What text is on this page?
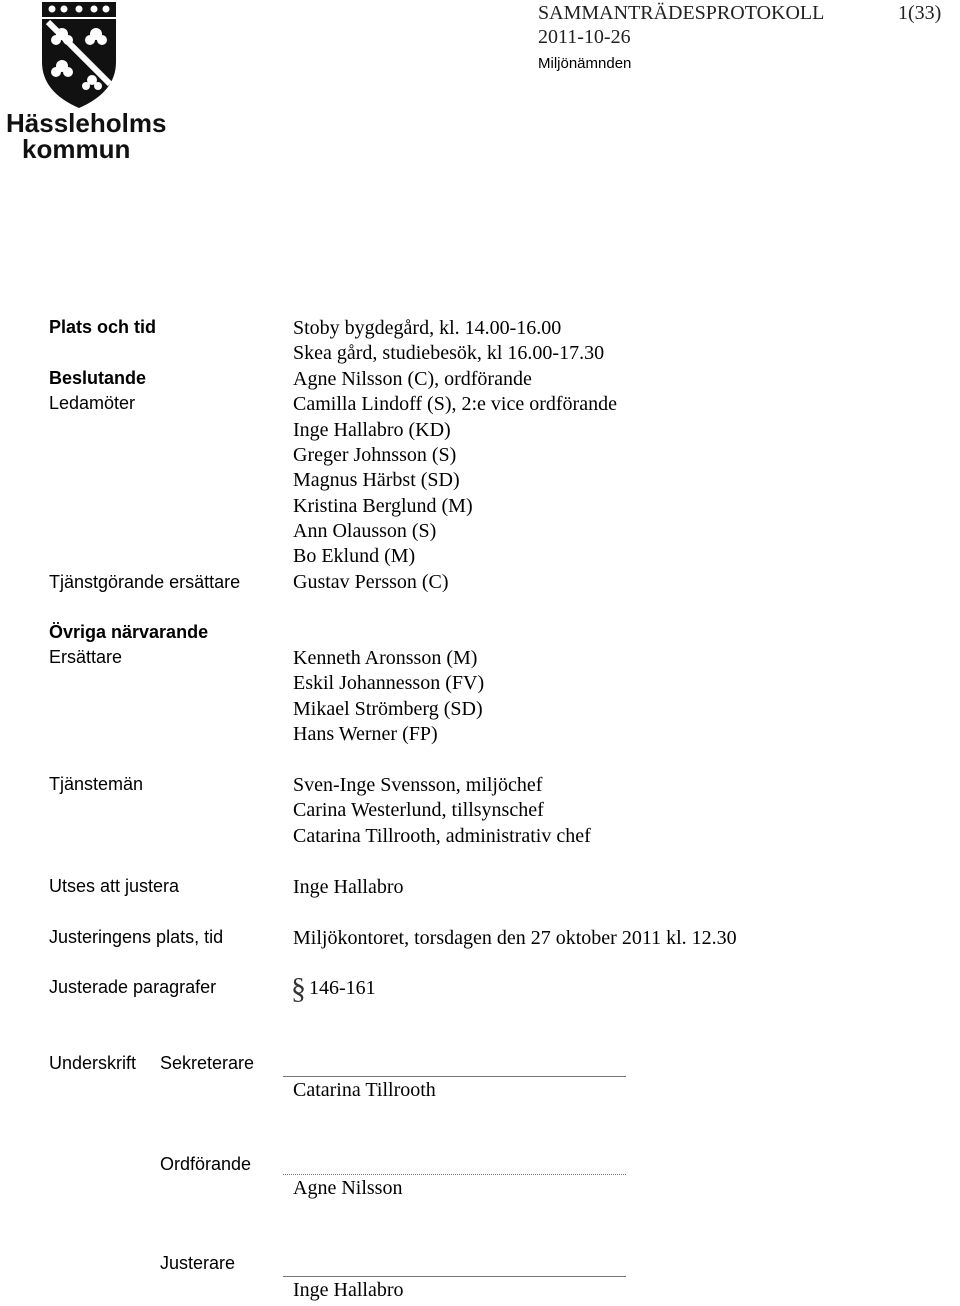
Hässleholms
kommun
SAMMANTRÄDESPROTOKOLL	1(33)
2011-10-26
Miljönämnden
Plats och tid
Beslutande
Ledamöter
Tjänstgörande ersättare
Övriga närvarande
Ersättare
Tjänstemän
Utses att justera
Justeringens plats, tid
Justerade paragrafer
Stoby bygdegård, kl. 14.00-16.00
Skea gård, studiebesök, kl 16.00-17.30
Agne Nilsson (C), ordförande
Camilla Lindoff (S), 2:e vice ordförande
Inge Hallabro (KD)
Greger Johnsson (S)
Magnus Härbst (SD)
Kristina Berglund (M)
Ann Olausson (S)
Bo Eklund (M)
Gustav Persson (C)
Kenneth Aronsson (M)
Eskil Johannesson (FV)
Mikael Strömberg (SD)
Hans Werner (FP)
Sven-Inge Svensson, miljöchef
Carina Westerlund, tillsynschef
Catarina Tillrooth, administrativ chef
Inge Hallabro
Miljökontoret, torsdagen den 27 oktober 2011 kl. 12.30
§ 146-161
Underskrift Sekreterare
Catarina Tillrooth
Ordförande
Agne Nilsson
Justerare
Inge Hallabro
